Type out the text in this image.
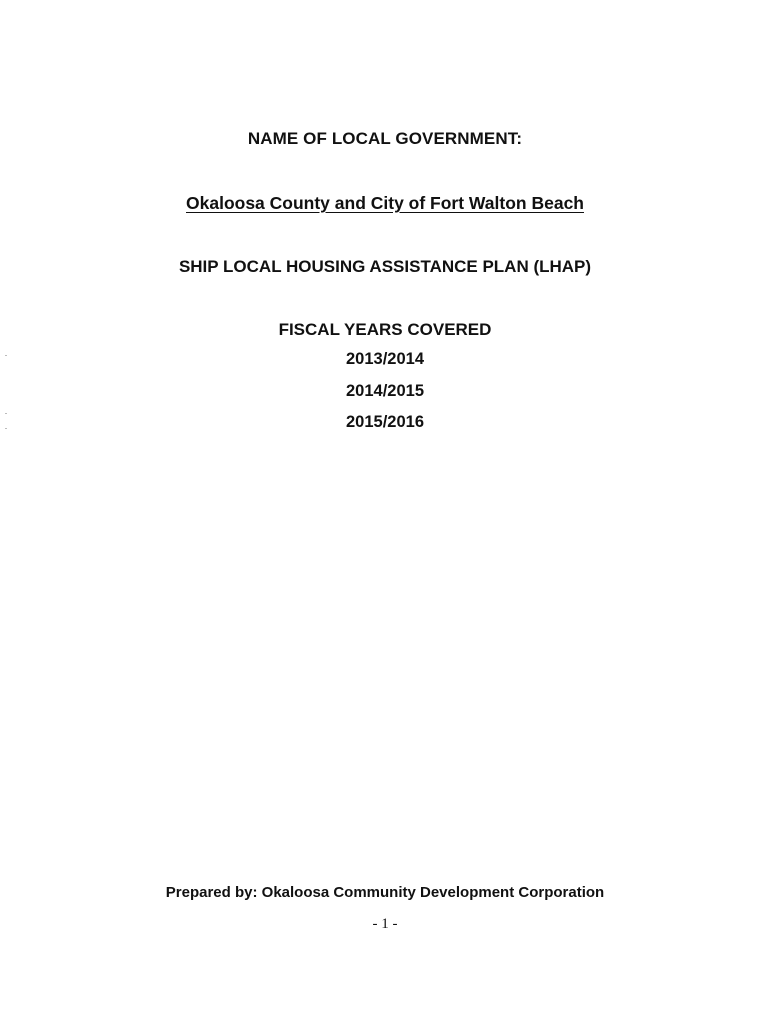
NAME OF LOCAL GOVERNMENT:
Okaloosa County and City of Fort Walton Beach
SHIP LOCAL HOUSING ASSISTANCE PLAN (LHAP)
FISCAL YEARS COVERED
2013/2014
2014/2015
2015/2016
Prepared by: Okaloosa Community Development Corporation
- 1 -
